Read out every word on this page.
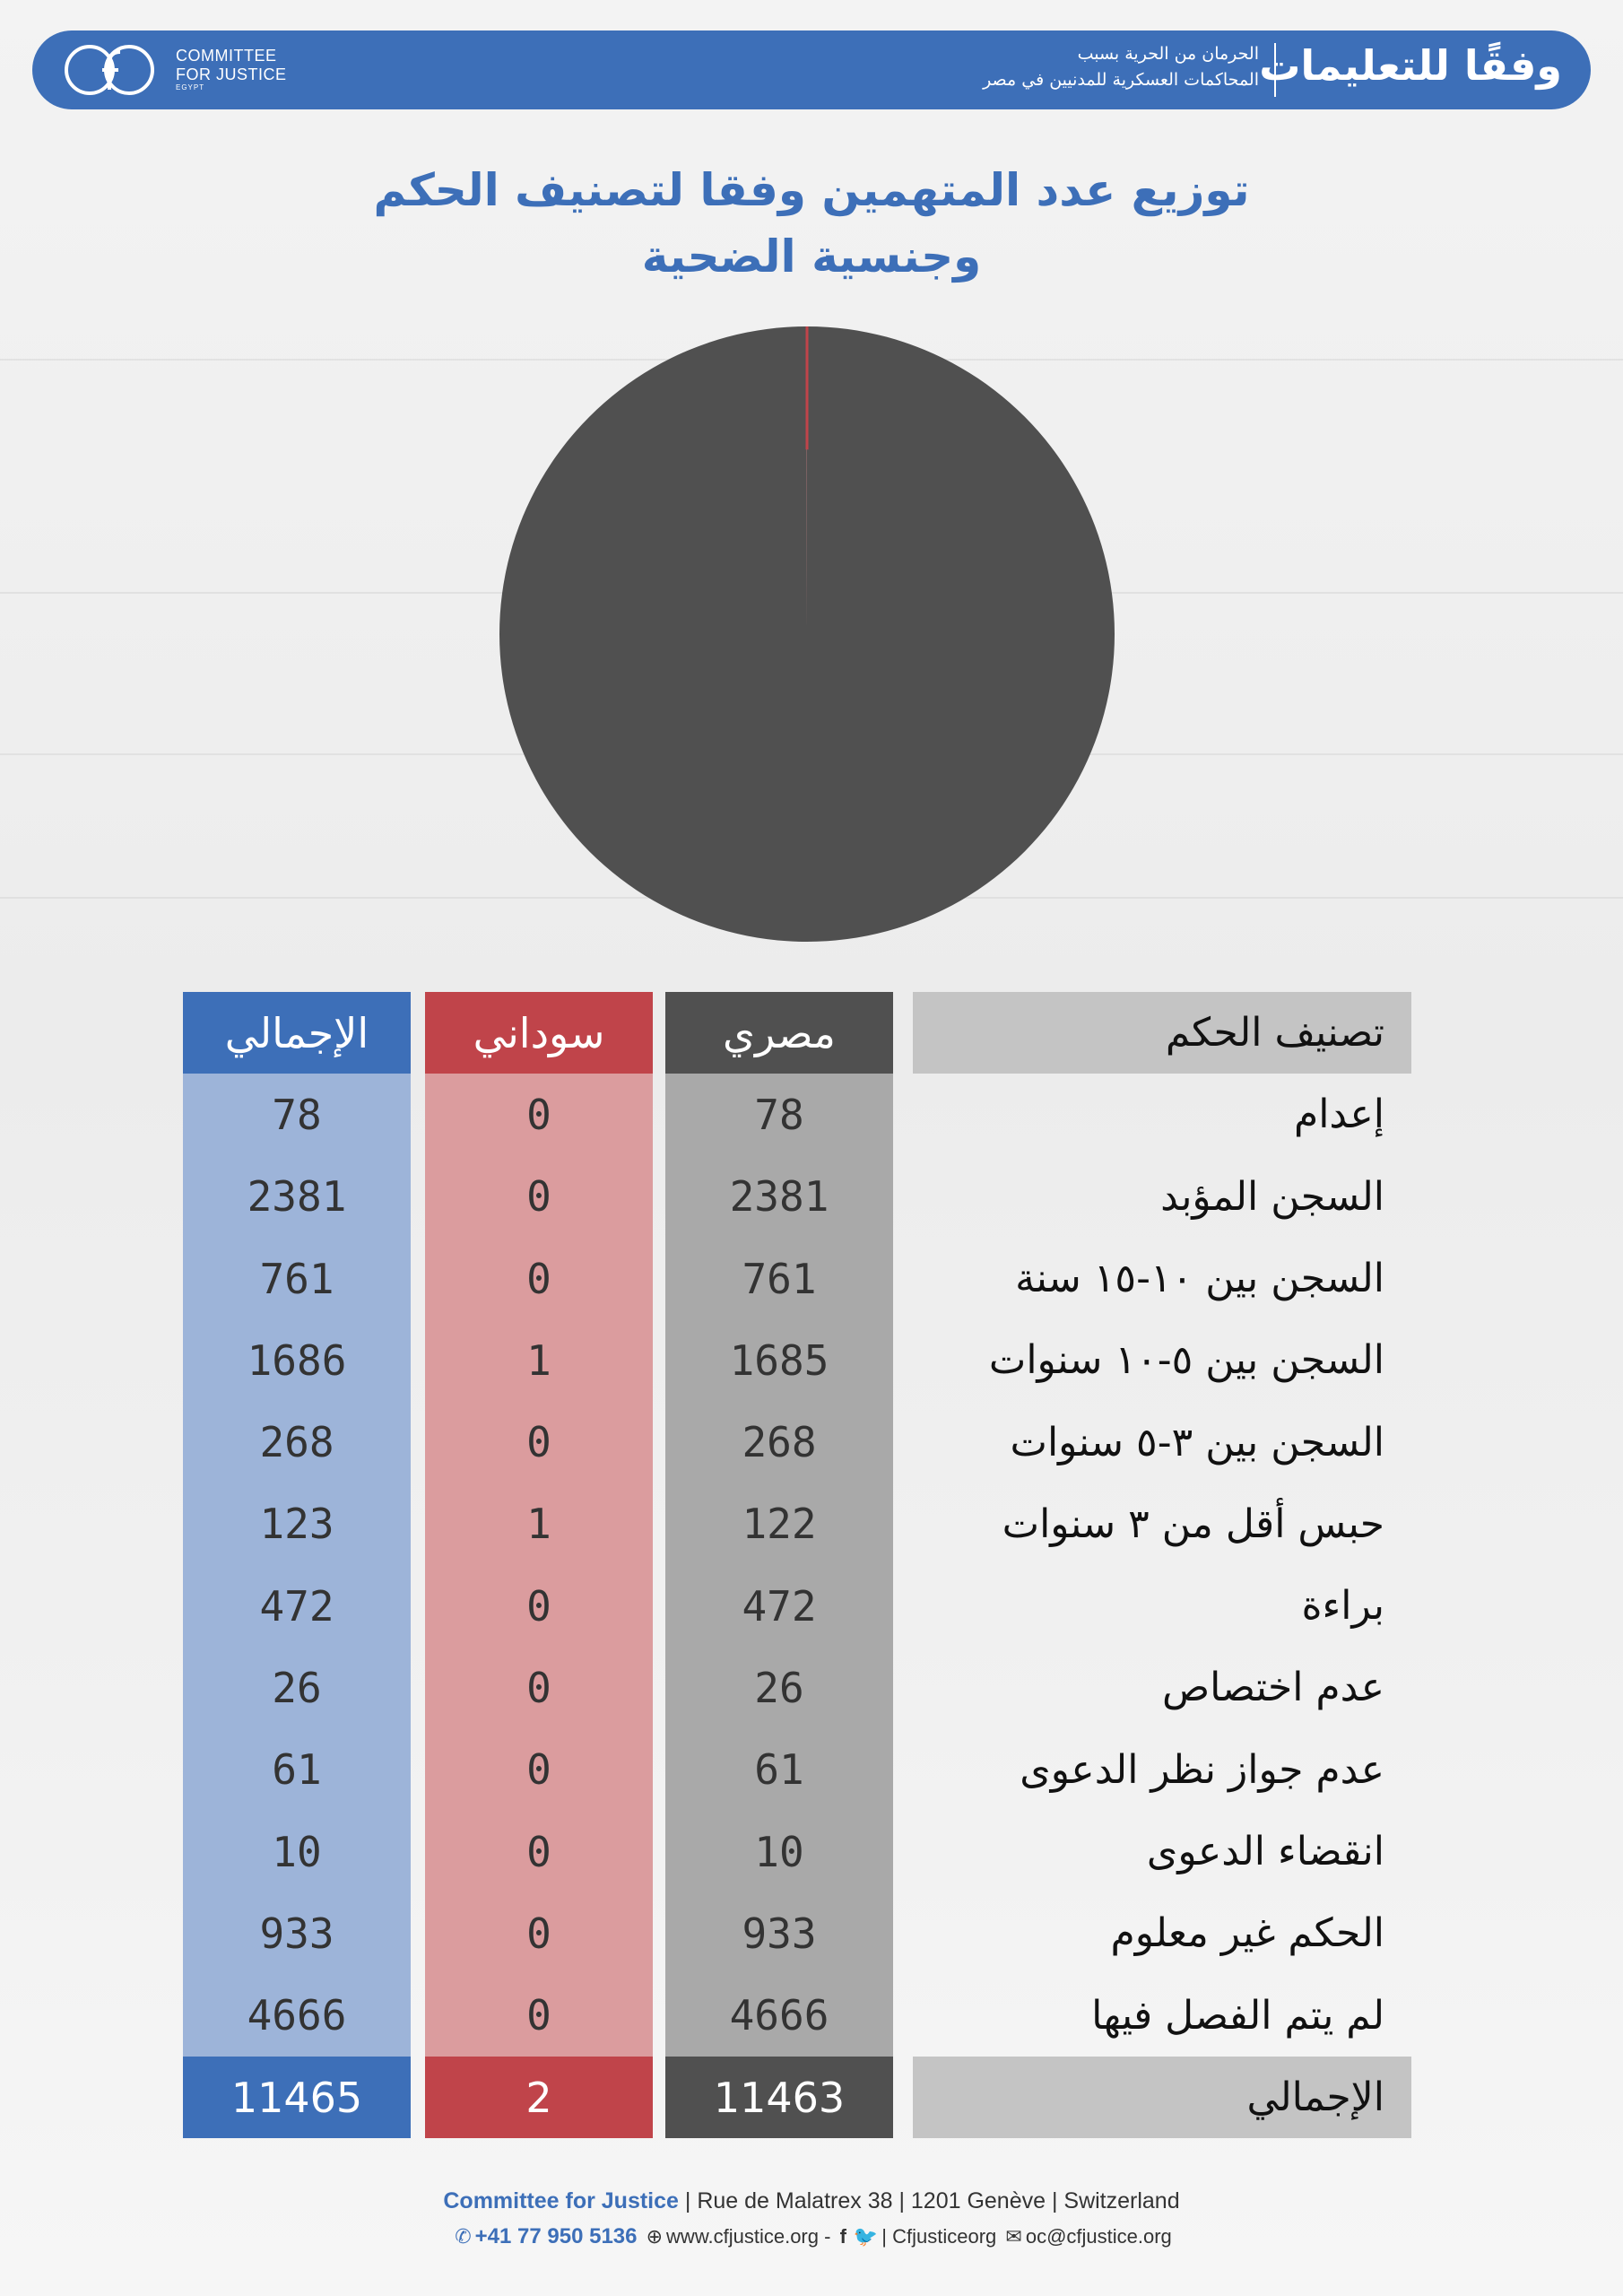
COMMITTEE
FOR JUSTICE
EGYPT
الحرمان من الحرية بسبب
المحاكمات العسكرية للمدنيين في مصر وفقًا للتعليمات
توزيع عدد المتهمين وفقا لتصنيف الحكم
وجنسية الضحية
الإجمالي	سوداني	مصري	تصنيف الحكم
78	0	78	إعدام
2381	0	2381	السجن المؤبد
761	0	761	السجن بين ١٠-١٥ سنة
1686	1	1685	السجن بين ٥-١٠ سنوات
268	0	268	السجن بين ٣-٥ سنوات
123	1	122	حبس أقل من ٣ سنوات
472	0	472	براءة
26	0	26	عدم اختصاص
61	0	61	عدم جواز نظر الدعوى
10	0	10	انقضاء الدعوى
933	0	933	الحكم غير معلوم
4666	0	4666	لم يتم الفصل فيها
11465	2	11463	الإجمالي
Committee for Justice | Rue de Malatrex 38 | 1201 Genève | Switzerland
✆ +41 77 950 5136 ⊕ www.cfjustice.org - f 🐦 | Cfjusticeorg ✉ oc@cfjustice.org
